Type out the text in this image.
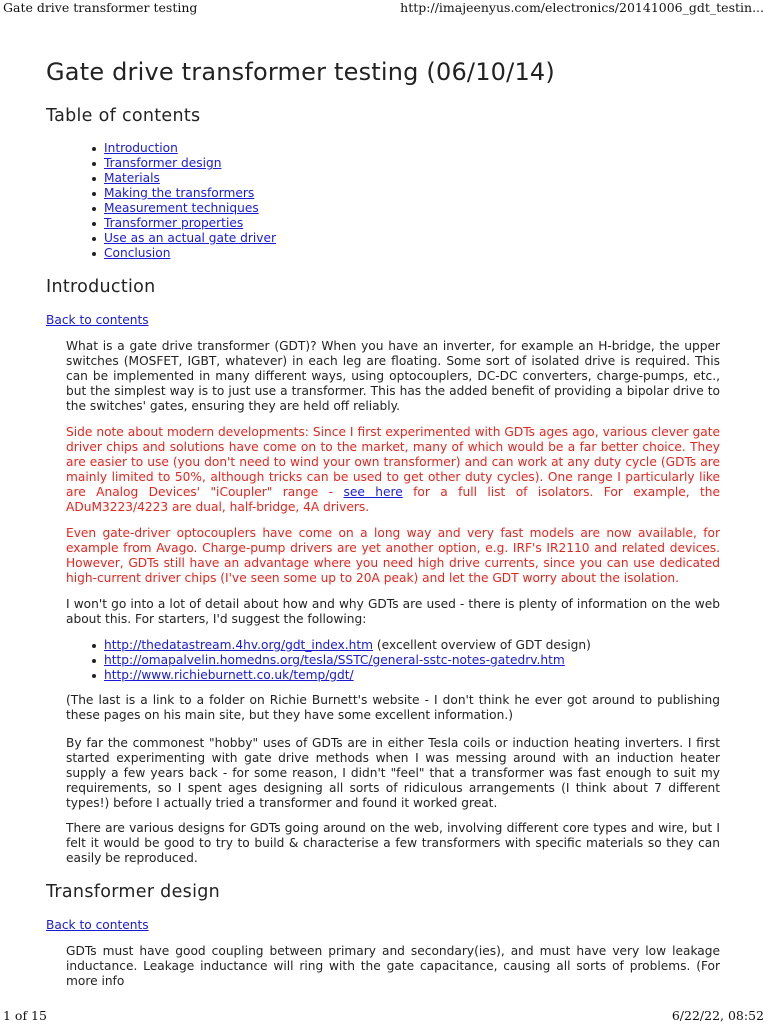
Gate drive transformer testing	http://imajeenyus.com/electronics/20141006_gdt_testin...
Gate drive transformer testing (06/10/14)
Table of contents
Introduction
Transformer design
Materials
Making the transformers
Measurement techniques
Transformer properties
Use as an actual gate driver
Conclusion
Introduction
Back to contents

What is a gate drive transformer (GDT)? When you have an inverter, for example an H-bridge, the upper switches (MOSFET, IGBT, whatever) in each leg are floating. Some sort of isolated drive is required. This can be implemented in many different ways, using optocouplers, DC-DC converters, charge-pumps, etc., but the simplest way is to just use a transformer. This has the added benefit of providing a bipolar drive to the switches' gates, ensuring they are held off reliably.

Side note about modern developments: Since I first experimented with GDTs ages ago, various clever gate driver chips and solutions have come on to the market, many of which would be a far better choice. They are easier to use (you don't need to wind your own transformer) and can work at any duty cycle (GDTs are mainly limited to 50%, although tricks can be used to get other duty cycles). One range I particularly like are Analog Devices' "iCoupler" range - see here for a full list of isolators. For example, the ADuM3223/4223 are dual, half-bridge, 4A drivers.

Even gate-driver optocouplers have come on a long way and very fast models are now available, for example from Avago. Charge-pump drivers are yet another option, e.g. IRF's IR2110 and related devices. However, GDTs still have an advantage where you need high drive currents, since you can use dedicated high-current driver chips (I've seen some up to 20A peak) and let the GDT worry about the isolation.

I won't go into a lot of detail about how and why GDTs are used - there is plenty of information on the web about this. For starters, I'd suggest the following:

http://thedatastream.4hv.org/gdt_index.htm (excellent overview of GDT design)
http://omapalvelin.homedns.org/tesla/SSTC/general-sstc-notes-gatedrv.htm
http://www.richieburnett.co.uk/temp/gdt/

(The last is a link to a folder on Richie Burnett's website - I don't think he ever got around to publishing these pages on his main site, but they have some excellent information.)

By far the commonest "hobby" uses of GDTs are in either Tesla coils or induction heating inverters. I first started experimenting with gate drive methods when I was messing around with an induction heater supply a few years back - for some reason, I didn't "feel" that a transformer was fast enough to suit my requirements, so I spent ages designing all sorts of ridiculous arrangements (I think about 7 different types!) before I actually tried a transformer and found it worked great.

There are various designs for GDTs going around on the web, involving different core types and wire, but I felt it would be good to try to build & characterise a few transformers with specific materials so they can easily be reproduced.

Transformer design
Back to contents

GDTs must have good coupling between primary and secondary(ies), and must have very low leakage inductance. Leakage inductance will ring with the gate capacitance, causing all sorts of problems. (For more info

1 of 15	6/22/22, 08:52
